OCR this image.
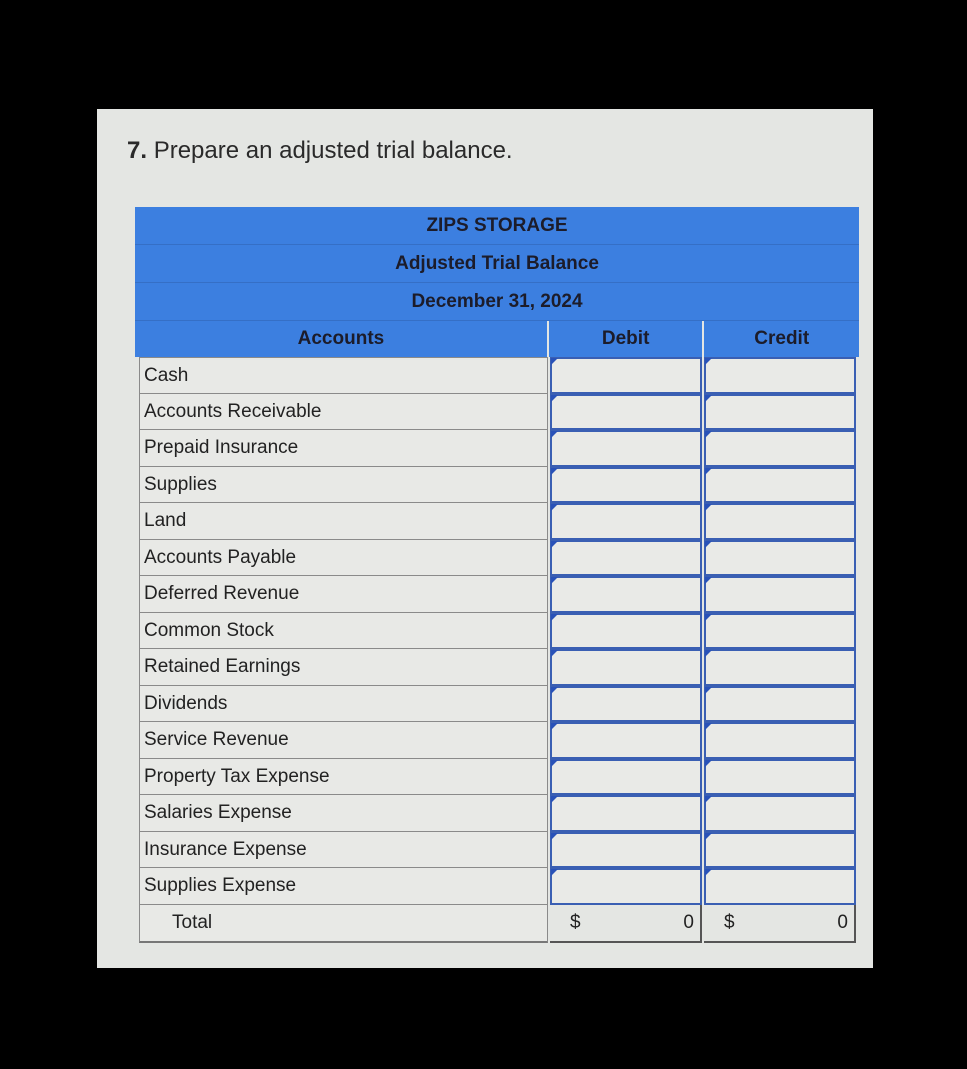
7. Prepare an adjusted trial balance.
ZIPS STORAGE
Adjusted Trial Balance
December 31, 2024
Accounts	Debit	Credit
Cash
Accounts Receivable
Prepaid Insurance
Supplies
Land
Accounts Payable
Deferred Revenue
Common Stock
Retained Earnings
Dividends
Service Revenue
Property Tax Expense
Salaries Expense
Insurance Expense
Supplies Expense
Total	$	0 $	0
